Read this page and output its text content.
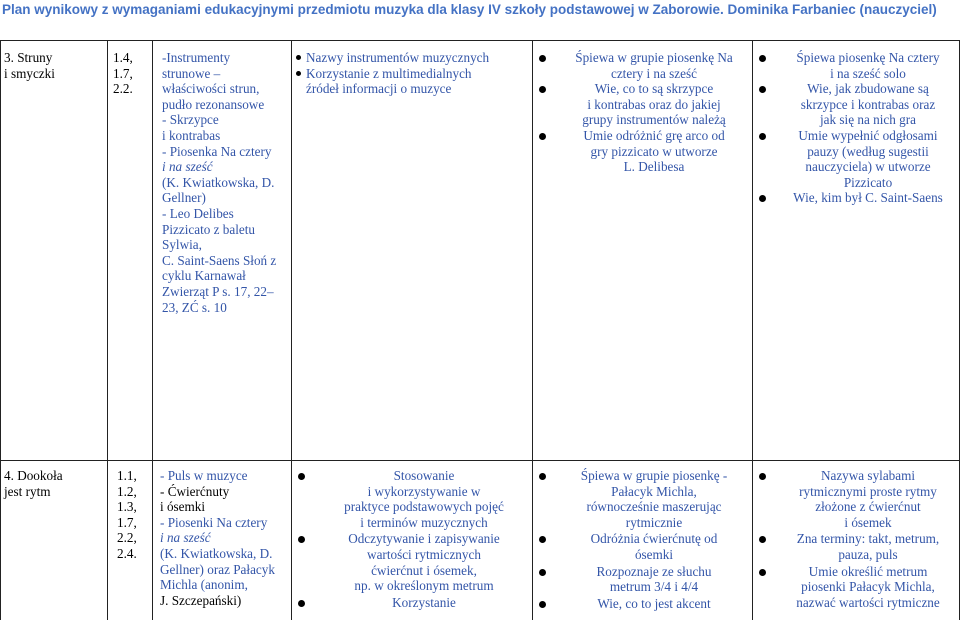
Plan wynikowy z wymaganiami edukacyjnymi przedmiotu muzyka dla klasy IV szkoły podstawowej w Zaborowie. Dominika Farbaniec (nauczyciel)
3. Struny
i smyczki
1.4,
1.7,
2.2.
-Instrumenty
strunowe –
właściwości strun,
pudło rezonansowe
- Skrzypce
i kontrabas
- Piosenka Na cztery
i na sześć
(K. Kwiatkowska, D.
Gellner)
- Leo Delibes
Pizzicato z baletu
Sylwia,
C. Saint-Saens Słoń z
cyklu Karnawał
Zwierząt P s. 17, 22–
23, ZĆ s. 10
Nazwy instrumentów muzycznych
Korzystanie z multimedialnych
źródeł informacji o muzyce
Śpiewa w grupie piosenkę Na
cztery i na sześć
Wie, co to są skrzypce
i kontrabas oraz do jakiej
grupy instrumentów należą
Umie odróżnić grę arco od
gry pizzicato w utworze
L. Delibesa
Śpiewa piosenkę Na cztery
i na sześć solo
Wie, jak zbudowane są
skrzypce i kontrabas oraz
jak się na nich gra
Umie wypełnić odgłosami
pauzy (według sugestii
nauczyciela) w utworze
Pizzicato
Wie, kim był C. Saint-Saens
4. Dookoła
jest rytm
1.1,
1.2,
1.3,
1.7,
2.2,
2.4.
- Puls w muzyce
- Ćwierćnuty
i ósemki
- Piosenki Na cztery
i na sześć
(K. Kwiatkowska, D.
Gellner) oraz Pałacyk
Michla (anonim,
J. Szczepański)
Stosowanie
i wykorzystywanie w
praktyce podstawowych pojęć
i terminów muzycznych
Odczytywanie i zapisywanie
wartości rytmicznych
ćwierćnut i ósemek,
np. w określonym metrum
Korzystanie
Śpiewa w grupie piosenkę -
Pałacyk Michla,
równocześnie maszerując
rytmicznie
Odróżnia ćwierćnutę od
ósemki
Rozpoznaje ze słuchu
metrum 3/4 i 4/4
Wie, co to jest akcent
Nazywa sylabami
rytmicznymi proste rytmy
złożone z ćwierćnut
i ósemek
Zna terminy: takt, metrum,
pauza, puls
Umie określić metrum
piosenki Pałacyk Michla,
nazwać wartości rytmiczne
